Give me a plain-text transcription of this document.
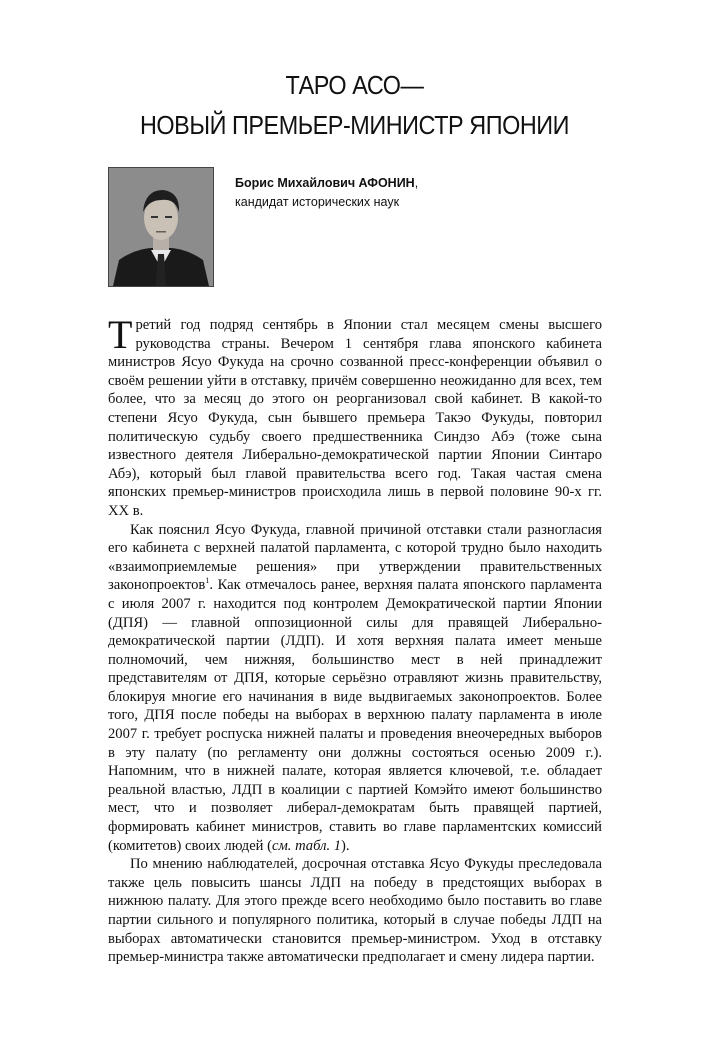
ТАРО АСО—
НОВЫЙ ПРЕМЬЕР-МИНИСТР ЯПОНИИ
Борис Михайлович АФОНИН,
кандидат исторических наук

Третий год подряд сентябрь в Японии стал месяцем смены высшего руководства страны. Вечером 1 сентября глава японского кабинета министров Ясуо Фукуда на срочно созванной пресс-конференции объявил о своём решении уйти в отставку, причём совершенно неожиданно для всех, тем более, что за месяц до этого он реорганизовал свой кабинет. В какой-то степени Ясуо Фукуда, сын бывшего премьера Такэо Фукуды, повторил политическую судьбу своего предшественника Синдзо Абэ (тоже сына известного деятеля Либерально-демократической партии Японии Синтаро Абэ), который был главой правительства всего год. Такая частая смена японских премьер-министров происходила лишь в первой половине 90-х гг. XX в.

Как пояснил Ясуо Фукуда, главной причиной отставки стали разногласия его кабинета с верхней палатой парламента, с которой трудно было находить «взаимоприемлемые решения» при утверждении правительственных законопроектов$^1$. Как отмечалось ранее, верхняя палата японского парламента с июля 2007 г. находится под контролем Демократической партии Японии (ДПЯ) — главной оппозиционной силы для правящей Либерально-демократической партии (ЛДП). И хотя верхняя палата имеет меньше полномочий, чем нижняя, большинство мест в ней принадлежит представителям от ДПЯ, которые серьёзно отравляют жизнь правительству, блокируя многие его начинания в виде выдвигаемых законопроектов. Более того, ДПЯ после победы на выборах в верхнюю палату парламента в июле 2007 г. требует роспуска нижней палаты и проведения внеочередных выборов в эту палату (по регламенту они должны состояться осенью 2009 г.). Напомним, что в нижней палате, которая является ключевой, т.е. обладает реальной властью, ЛДП в коалиции с партией Комэйто имеют большинство мест, что и позволяет либерал-демократам быть правящей партией, формировать кабинет министров, ставить во главе парламентских комиссий (комитетов) своих людей (см. табл. 1).

По мнению наблюдателей, досрочная отставка Ясуо Фукуды преследовала также цель повысить шансы ЛДП на победу в предстоящих выборах в нижнюю палату. Для этого прежде всего необходимо было поставить во главе партии сильного и популярного политика, который в случае победы ЛДП на выборах автоматически становится премьер-министром. Уход в отставку премьер-министра также автоматически предполагает и смену лидера партии.
